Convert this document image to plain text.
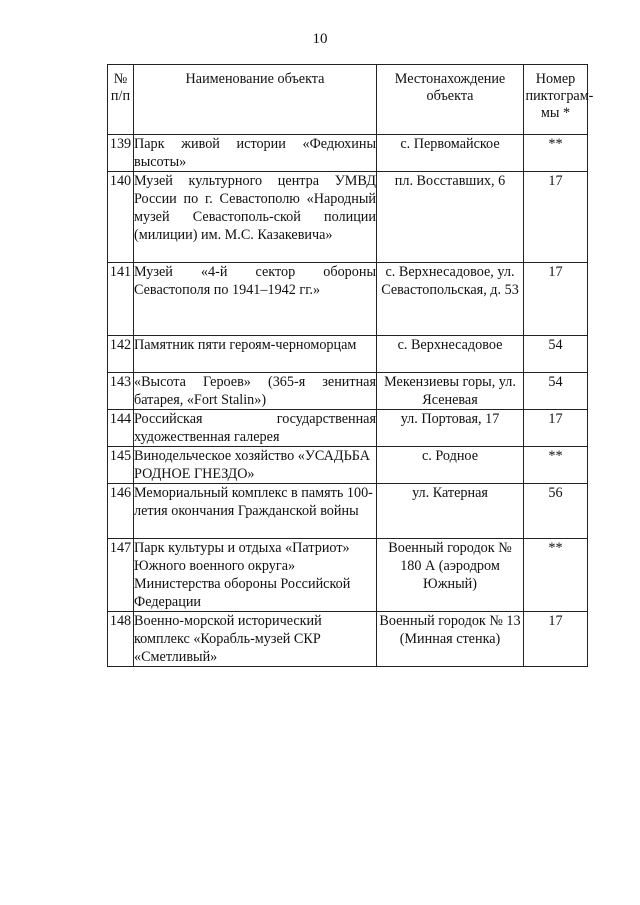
10
№ п/п	Наименование объекта	Местонахождение объекта	Номер пиктограм-мы *

139	Парк живой истории «Федюхины высоты»	с. Первомайское	**
140	Музей культурного центра УМВД России по г. Севастополю «Народный музей Севастополь-ской полиции (милиции) им. М.С. Казакевича»	пл. Восставших, 6	17
141	Музей «4-й сектор обороны Севастополя по 1941–1942 гг.»	с. Верхнесадовое, ул. Севастопольская, д. 53	17
142	Памятник пяти героям-черноморцам	с. Верхнесадовое	54
143	«Высота Героев» (365-я зенитная батарея, «Fort Stalin»)	Мекензиевы горы, ул. Ясеневая	54
144	Российская государственная художественная галерея	ул. Портовая, 17	17
145	Винодельческое хозяйство «УСАДЬБА РОДНОЕ ГНЕЗДО»	с. Родное	**
146	Мемориальный комплекс в память 100-летия окончания Гражданской войны	ул. Катерная	56
147	Парк культуры и отдыха «Патриот» Южного военного округа» Министерства обороны Российской Федерации	Военный городок № 180 А (аэродром Южный)	**
148	Военно-морской исторический комплекс «Корабль-музей СКР «Сметливый»	Военный городок № 13 (Минная стенка)	17
